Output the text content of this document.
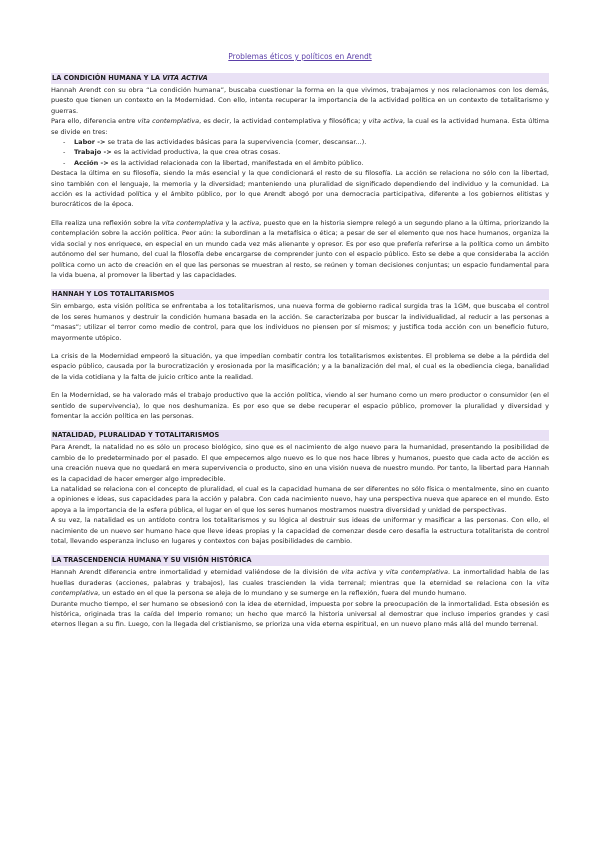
Problemas éticos y políticos en Arendt
LA CONDICIÓN HUMANA Y LA VITA ACTIVA

Hannah Arendt con su obra “La condición humana”, buscaba cuestionar la forma en la que vivimos, trabajamos y nos relacionamos con los demás, puesto que tienen un contexto en la Modernidad. Con ello, intenta recuperar la importancia de la actividad política en un contexto de totalitarismo y guerras.

Para ello, diferencia entre vita contemplativa, es decir, la actividad contemplativa y filosófica; y vita activa, la cual es la actividad humana. Esta última se divide en tres:

- Labor -> se trata de las actividades básicas para la supervivencia (comer, descansar...).
- Trabajo -> es la actividad productiva, la que crea otras cosas.
- Acción -> es la actividad relacionada con la libertad, manifestada en el ámbito público.

Destaca la última en su filosofía, siendo la más esencial y la que condicionará el resto de su filosofía. La acción se relaciona no sólo con la libertad, sino también con el lenguaje, la memoria y la diversidad; manteniendo una pluralidad de significado dependiendo del individuo y la comunidad. La acción es la actividad política y el ámbito público, por lo que Arendt abogó por una democracia participativa, diferente a los gobiernos elitistas y burocráticos de la época.

Ella realiza una reflexión sobre la vita contemplativa y la activa, puesto que en la historia siempre relegó a un segundo plano a la última, priorizando la contemplación sobre la acción política. Peor aún: la subordinan a la metafísica o ética; a pesar de ser el elemento que nos hace humanos, organiza la vida social y nos enriquece, en especial en un mundo cada vez más alienante y opresor. Es por eso que prefería referirse a la política como un ámbito autónomo del ser humano, del cual la filosofía debe encargarse de comprender junto con el espacio público. Esto se debe a que consideraba la acción política como un acto de creación en el que las personas se muestran al resto, se reúnen y toman decisiones conjuntas; un espacio fundamental para la vida buena, al promover la libertad y las capacidades.

HANNAH Y LOS TOTALITARISMOS

Sin embargo, esta visión política se enfrentaba a los totalitarismos, una nueva forma de gobierno radical surgida tras la 1GM, que buscaba el control de los seres humanos y destruir la condición humana basada en la acción. Se caracterizaba por buscar la individualidad, al reducir a las personas a “masas”; utilizar el terror como medio de control, para que los individuos no piensen por sí mismos; y justifica toda acción con un beneficio futuro, mayormente utópico.

La crisis de la Modernidad empeoró la situación, ya que impedían combatir contra los totalitarismos existentes. El problema se debe a la pérdida del espacio público, causada por la burocratización y erosionada por la masificación; y a la banalización del mal, el cual es la obediencia ciega, banalidad de la vida cotidiana y la falta de juicio crítico ante la realidad.

En la Modernidad, se ha valorado más el trabajo productivo que la acción política, viendo al ser humano como un mero productor o consumidor (en el sentido de supervivencia), lo que nos deshumaniza. Es por eso que se debe recuperar el espacio público, promover la pluralidad y diversidad y fomentar la acción política en las personas.

NATALIDAD, PLURALIDAD Y TOTALITARISMOS

Para Arendt, la natalidad no es sólo un proceso biológico, sino que es el nacimiento de algo nuevo para la humanidad, presentando la posibilidad de cambio de lo predeterminado por el pasado. El que empecemos algo nuevo es lo que nos hace libres y humanos, puesto que cada acto de acción es una creación nueva que no quedará en mera supervivencia o producto, sino en una visión nueva de nuestro mundo. Por tanto, la libertad para Hannah es la capacidad de hacer emerger algo impredecible.

La natalidad se relaciona con el concepto de pluralidad, el cual es la capacidad humana de ser diferentes no sólo física o mentalmente, sino en cuanto a opiniones e ideas, sus capacidades para la acción y palabra. Con cada nacimiento nuevo, hay una perspectiva nueva que aparece en el mundo. Esto apoya a la importancia de la esfera pública, el lugar en el que los seres humanos mostramos nuestra diversidad y unidad de perspectivas.

A su vez, la natalidad es un antídoto contra los totalitarismos y su lógica al destruir sus ideas de uniformar y masificar a las personas. Con ello, el nacimiento de un nuevo ser humano hace que lleve ideas propias y la capacidad de comenzar desde cero desafía la estructura totalitarista de control total, llevando esperanza incluso en lugares y contextos con bajas posibilidades de cambio.

LA TRASCENDENCIA HUMANA Y SU VISIÓN HISTÓRICA

Hannah Arendt diferencia entre inmortalidad y eternidad valiéndose de la división de vita activa y vita contemplativa. La inmortalidad habla de las huellas duraderas (acciones, palabras y trabajos), las cuales trascienden la vida terrenal; mientras que la eternidad se relaciona con la vita contemplativa, un estado en el que la persona se aleja de lo mundano y se sumerge en la reflexión, fuera del mundo humano.

Durante mucho tiempo, el ser humano se obsesionó con la idea de eternidad, impuesta por sobre la preocupación de la inmortalidad. Esta obsesión es histórica, originada tras la caída del Imperio romano; un hecho que marcó la historia universal al demostrar que incluso imperios grandes y casi eternos llegan a su fin. Luego, con la llegada del cristianismo, se prioriza una vida eterna espiritual, en un nuevo plano más allá del mundo terrenal.
